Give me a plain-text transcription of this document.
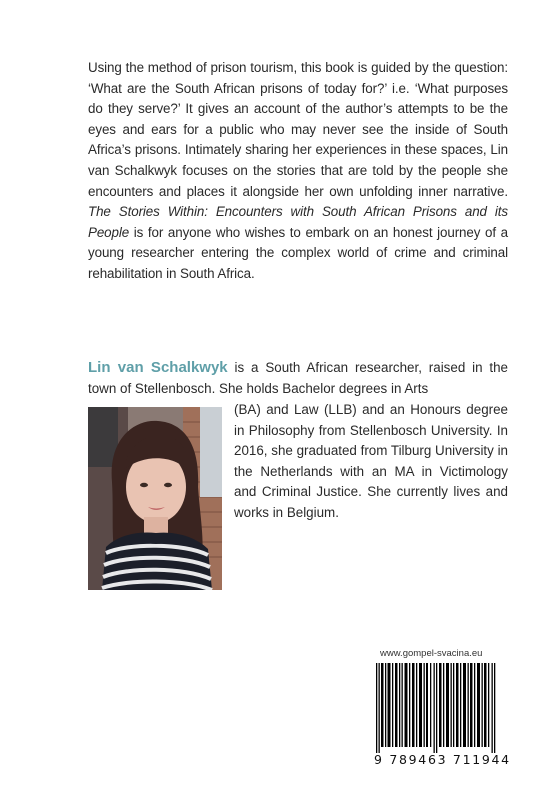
Using the method of prison tourism, this book is guided by the question: ‘What are the South African prisons of today for?’ i.e. ‘What purposes do they serve?’ It gives an account of the author’s attempts to be the eyes and ears for a public who may never see the inside of South Africa’s prisons. Intimately sharing her experiences in these spaces, Lin van Schalkwyk focuses on the stories that are told by the people she encounters and places it alongside her own unfolding inner narrative. The Stories Within: Encounters with South African Prisons and its People is for anyone who wishes to embark on an honest journey of a young researcher entering the complex world of crime and criminal rehabilitation in South Africa.
Lin van Schalkwyk is a South African researcher, raised in the town of Stellenbosch. She holds Bachelor degrees in Arts
(BA) and Law (LLB) and an Honours degree in Philosophy from Stellenbosch University. In 2016, she graduated from Tilburg University in the Netherlands with an MA in Victimology and Criminal Justice. She currently lives and works in Belgium.
www.gompel-svacina.eu
9 789463 711944
